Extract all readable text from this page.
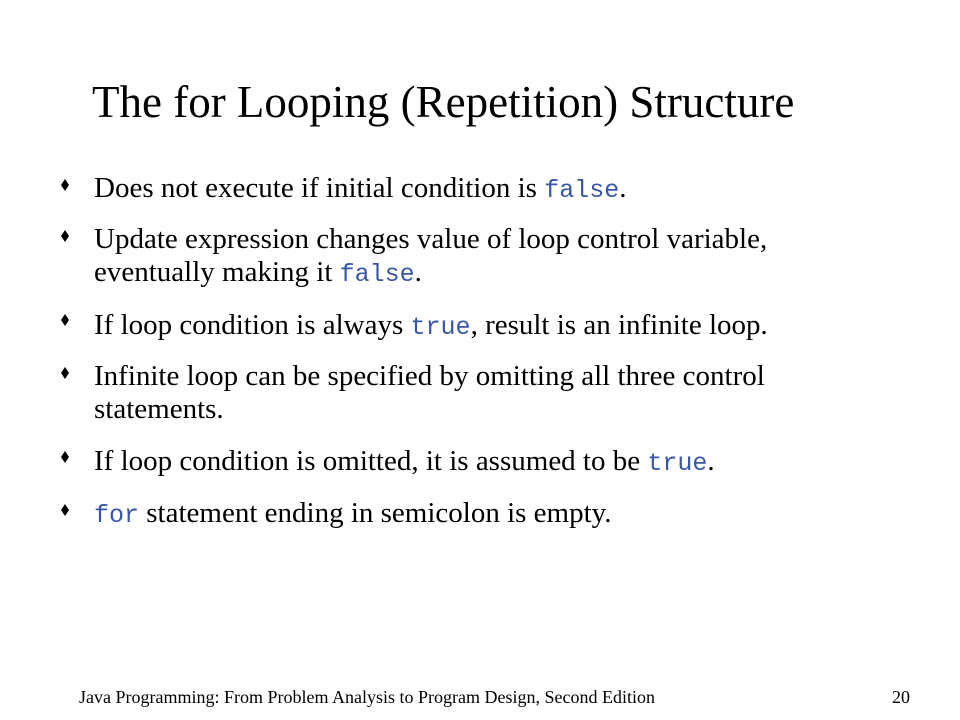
The for Looping (Repetition) Structure
Does not execute if initial condition is false.
Update expression changes value of loop control variable, eventually making it false.
If loop condition is always true, result is an infinite loop.
Infinite loop can be specified by omitting all three control statements.
If loop condition is omitted, it is assumed to be true.
for statement ending in semicolon is empty.
Java Programming: From Problem Analysis to Program Design, Second Edition	20
